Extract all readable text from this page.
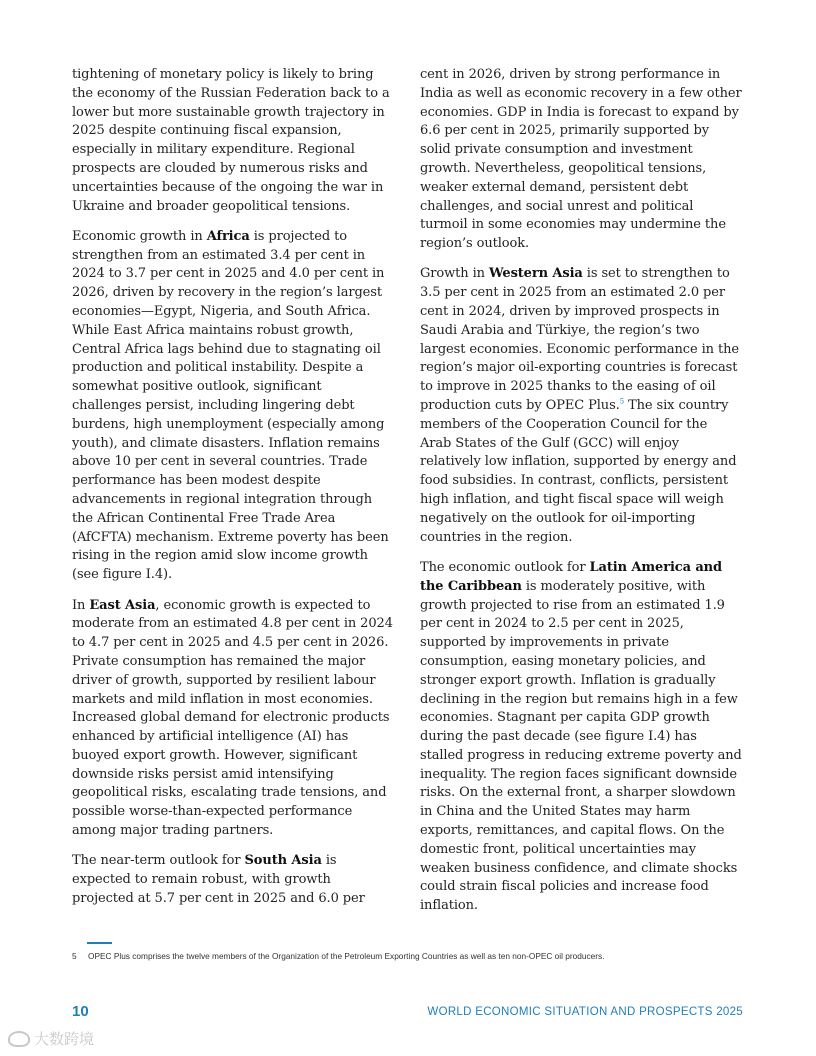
tightening of monetary policy is likely to bring the economy of the Russian Federation back to a lower but more sustainable growth trajectory in 2025 despite continuing fiscal expansion, especially in military expenditure. Regional prospects are clouded by numerous risks and uncertainties because of the ongoing the war in Ukraine and broader geopolitical tensions.

Economic growth in Africa is projected to strengthen from an estimated 3.4 per cent in 2024 to 3.7 per cent in 2025 and 4.0 per cent in 2026, driven by recovery in the region’s largest economies—Egypt, Nigeria, and South Africa. While East Africa maintains robust growth, Central Africa lags behind due to stagnating oil production and political instability. Despite a somewhat positive outlook, significant challenges persist, including lingering debt burdens, high unemployment (especially among youth), and climate disasters. Inflation remains above 10 per cent in several countries. Trade performance has been modest despite advancements in regional integration through the African Continental Free Trade Area (AfCFTA) mechanism. Extreme poverty has been rising in the region amid slow income growth (see figure I.4).

In East Asia, economic growth is expected to moderate from an estimated 4.8 per cent in 2024 to 4.7 per cent in 2025 and 4.5 per cent in 2026. Private consumption has remained the major driver of growth, supported by resilient labour markets and mild inflation in most economies. Increased global demand for electronic products enhanced by artificial intelligence (AI) has buoyed export growth. However, significant downside risks persist amid intensifying geopolitical risks, escalating trade tensions, and possible worse-than-expected performance among major trading partners.

The near-term outlook for South Asia is expected to remain robust, with growth projected at 5.7 per cent in 2025 and 6.0 per

cent in 2026, driven by strong performance in India as well as economic recovery in a few other economies. GDP in India is forecast to expand by 6.6 per cent in 2025, primarily supported by solid private consumption and investment growth. Nevertheless, geopolitical tensions, weaker external demand, persistent debt challenges, and social unrest and political turmoil in some economies may undermine the region’s outlook.

Growth in Western Asia is set to strengthen to 3.5 per cent in 2025 from an estimated 2.0 per cent in 2024, driven by improved prospects in Saudi Arabia and Türkiye, the region’s two largest economies. Economic performance in the region’s major oil-exporting countries is forecast to improve in 2025 thanks to the easing of oil production cuts by OPEC Plus.$^5$ The six country members of the Cooperation Council for the Arab States of the Gulf (GCC) will enjoy relatively low inflation, supported by energy and food subsidies. In contrast, conflicts, persistent high inflation, and tight fiscal space will weigh negatively on the outlook for oil-importing countries in the region.

The economic outlook for Latin America and the Caribbean is moderately positive, with growth projected to rise from an estimated 1.9 per cent in 2024 to 2.5 per cent in 2025, supported by improvements in private consumption, easing monetary policies, and stronger export growth. Inflation is gradually declining in the region but remains high in a few economies. Stagnant per capita GDP growth during the past decade (see figure I.4) has stalled progress in reducing extreme poverty and inequality. The region faces significant downside risks. On the external front, a sharper slowdown in China and the United States may harm exports, remittances, and capital flows. On the domestic front, political uncertainties may weaken business confidence, and climate shocks could strain fiscal policies and increase food inflation.

5 OPEC Plus comprises the twelve members of the Organization of the Petroleum Exporting Countries as well as ten non-OPEC oil producers.
10	WORLD ECONOMIC SITUATION AND PROSPECTS 2025
大数跨境
